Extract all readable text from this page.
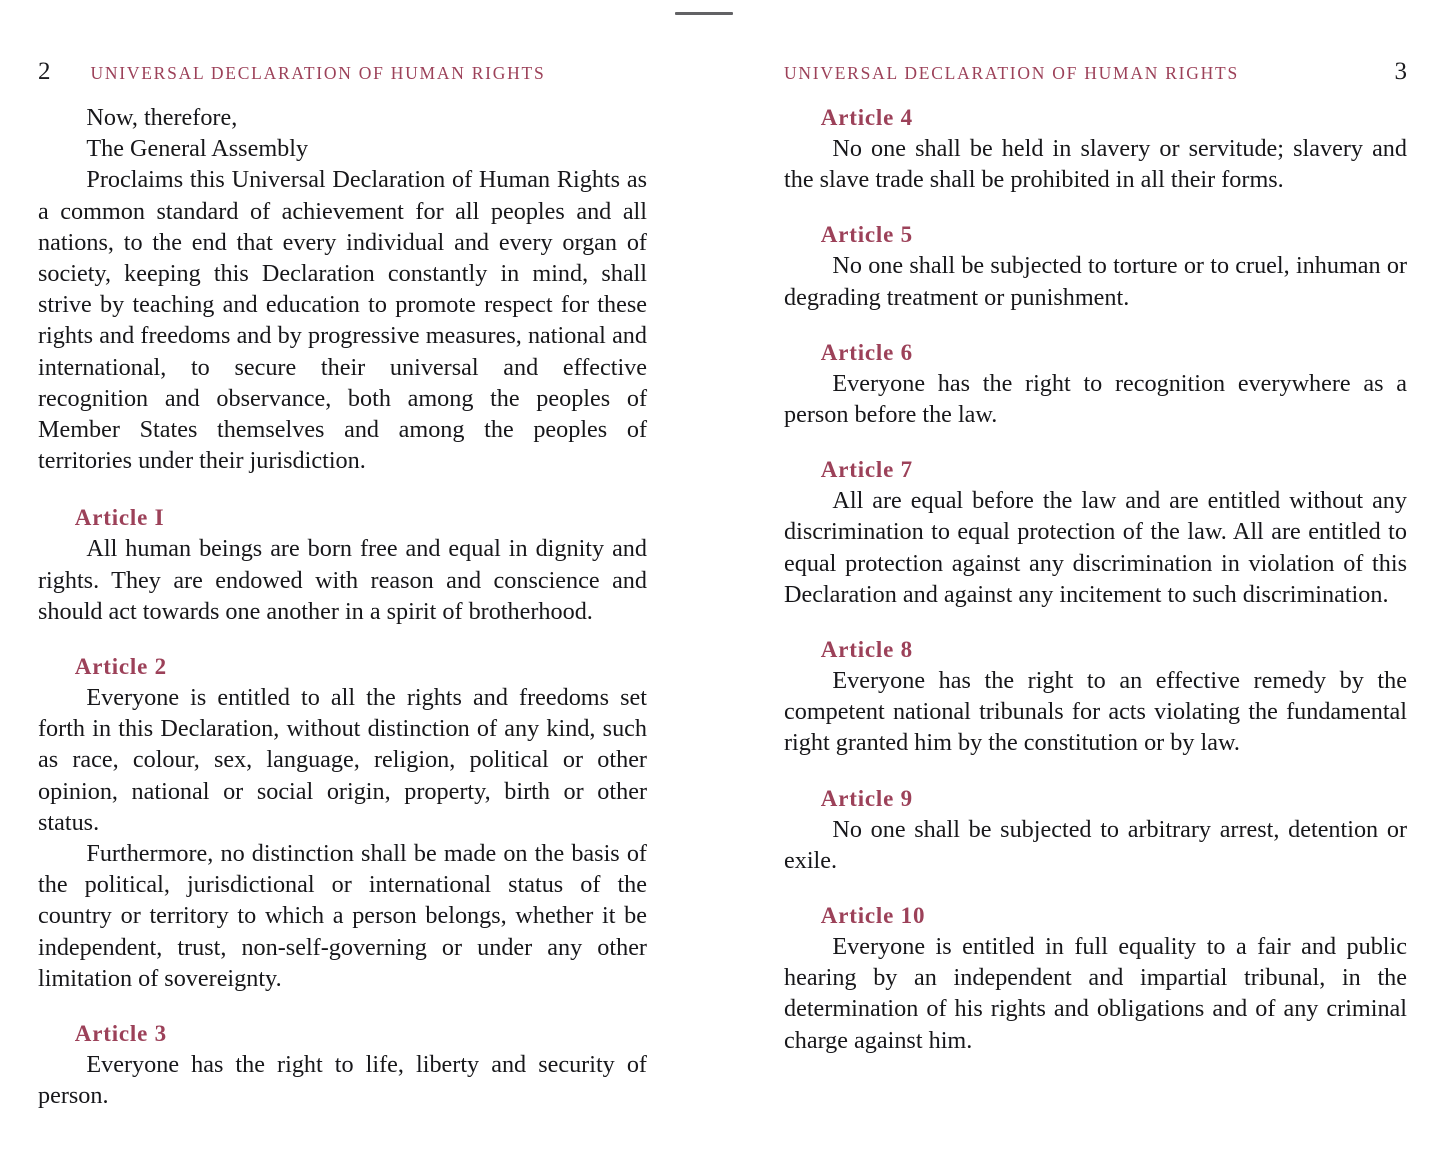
2 UNIVERSAL DECLARATION OF HUMAN RIGHTS

Now, therefore,

The General Assembly

Proclaims this Universal Declaration of Human Rights as a common standard of achievement for all peoples and all nations, to the end that every individual and every organ of society, keeping this Declaration constantly in mind, shall strive by teaching and education to promote respect for these rights and freedoms and by progressive measures, national and international, to secure their universal and effective recognition and observance, both among the peoples of Member States themselves and among the peoples of territories under their jurisdiction.

Article I

All human beings are born free and equal in dignity and rights. They are endowed with reason and conscience and should act towards one another in a spirit of brotherhood.

Article 2

Everyone is entitled to all the rights and freedoms set forth in this Declaration, without distinction of any kind, such as race, colour, sex, language, religion, political or other opinion, national or social origin, property, birth or other status.

Furthermore, no distinction shall be made on the basis of the political, jurisdictional or international status of the country or territory to which a person belongs, whether it be independent, trust, non-self-governing or under any other limitation of sovereignty.

Article 3

Everyone has the right to life, liberty and security of person.

UNIVERSAL DECLARATION OF HUMAN RIGHTS	3
Article 4

No one shall be held in slavery or servitude; slavery and the slave trade shall be prohibited in all their forms.

Article 5

No one shall be subjected to torture or to cruel, inhuman or degrading treatment or punishment.

Article 6

Everyone has the right to recognition everywhere as a person before the law.

Article 7

All are equal before the law and are entitled without any discrimination to equal protection of the law. All are entitled to equal protection against any discrimination in violation of this Declaration and against any incitement to such discrimination.

Article 8

Everyone has the right to an effective remedy by the competent national tribunals for acts violating the fundamental right granted him by the constitution or by law.

Article 9

No one shall be subjected to arbitrary arrest, detention or exile.

Article 10

Everyone is entitled in full equality to a fair and public hearing by an independent and impartial tribunal, in the determination of his rights and obligations and of any criminal charge against him.
